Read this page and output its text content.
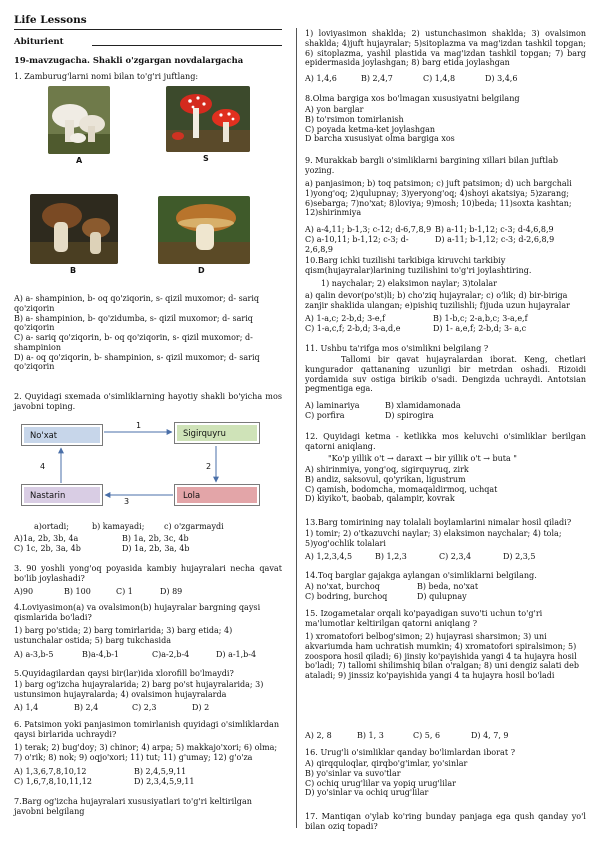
Life Lessons
Abiturient
19-mavzugacha. Shakli o'zgargan novdalargacha
1. Zamburug'larni nomi bilan to'g'ri juftlang:
A	S
B	D
A) a- shampinion, b- oq qo'ziqorin, s- qizil muxomor; d- sariq qo'ziqorin
B) a- shampinion, b- qo'zidumba, s- qizil muxomor; d- sariq qo'ziqorin
C) a- sariq qo'ziqorin, b- oq qo'ziqorin, s- qizil muxomor; d- shampinion
D) a- oq qo'ziqorin, b- shampinion, s- qizil muxomor; d- sariq qo'ziqorin
2. Quyidagi sxemada o'simliklarning hayotiy shakli bo'yicha mos javobni toping.
No'xat	Sigirquyru
Nastarin	Lola
1
2
3
4
a)ortadi;	b) kamayadi;	c) o'zgarmaydi
A)1a, 2b, 3b, 4a	B) 1a, 2b, 3c, 4b
C) 1c, 2b, 3a, 4b	D) 1a, 2b, 3a, 4b
3. 90 yoshli yong'oq poyasida kambiy hujayralari necha qavat bo'lib joylashadi?
A)90	B) 100	C) 1	D) 89
4.Loviyasimon(a) va ovalsimon(b) hujayralar bargning qaysi qismlarida bo'ladi?
1) barg po'stida; 2) barg tomirlarida; 3) barg etida; 4) ustunchalar ostida; 5) barg tukchasida
A) a-3,b-5	B)a-4,b-1	C)a-2,b-4	D) a-1,b-4
5.Quyidagilardan qaysi bir(lar)ida xlorofill bo'lmaydi?
1) barg og'izcha hujayralarida; 2) barg po'st hujayralarida; 3) ustunsimon hujayralarda; 4) ovalsimon hujayralarda
A) 1,4	B) 2,4	C) 2,3	D) 2
6. Patsimon yoki panjasimon tomirlanish quyidagi o'simliklardan qaysi birlarida uchraydi?
1) terak; 2) bug'doy; 3) chinor; 4) arpa; 5) makkajo'xori; 6) olma; 7) o'rik; 8) nok; 9) oqjo'xori; 11) tut; 11) g'umay; 12) g'o'za
A) 1,3,6,7,8,10,12	B) 2,4,5,9,11
C) 1,6,7,8,10,11,12	D) 2,3,4,5,9,11
7.Barg og'izcha hujayralari xususiyatlari to'g'ri keltirilgan javobni belgilang
1) loviyasimon shaklda; 2) ustunchasimon shaklda; 3) ovalsimon shaklda; 4)juft hujayralar; 5)sitoplazma va mag'izdan tashkil topgan; 6) sitoplazma, yashil plastida va mag'izdan tashkil topgan; 7) barg epidermasida joylashgan; 8) barg etida joylashgan
A) 1,4,6	B) 2,4,7	C) 1,4,8	D) 3,4,6
8.Olma bargiga xos bo'lmagan xususiyatni belgilang
A) yon barglar
B) to'rsimon tomirlanish
C) poyada ketma-ket joylashgan
D barcha xususiyat olma bargiga xos
9. Murakkab bargli o'simliklarni bargining xillari bilan juftlab yozing.
a) panjasimon; b) toq patsimon; c) juft patsimon; d) uch bargchali 1)yong'oq; 2)qulupnay; 3)yeryong'oq; 4)shoyi akatsiya; 5)zarang; 6)sebarga; 7)no'xat; 8)loviya; 9)mosh; 10)beda; 11)soxta kashtan; 12)shirinmiya
A) a-4,11; b-1,3; c-12; d-6,7,8,9 B) a-11; b-1,12; c-3; d-4,6,8,9
C) a-10,11; b-1,12; c-3; d-2,6,8,9
D) a-11; b-1,12; c-3; d-2,6,8,9
10.Barg ichki tuzilishi tarkibiga kiruvchi tarkibiy qism(hujayralar)larining tuzilishini to'g'ri joylashtiring.
1) naychalar; 2) elaksimon naylar; 3)tolalar
a) qalin devor(po'st)li; b) cho'ziq hujayralar; c) o'lik; d) bir-biriga zanjir shaklida ulangan; e)pishiq tuzilishli; f)juda uzun hujayralar
A) 1-a,c; 2-b,d; 3-e,f	B) 1-b,c; 2-a,b,c; 3-a,e,f
C) 1-a,c,f; 2-b,d; 3-a,d,e	D) 1- a,e,f; 2-b,d; 3- a,c
11. Ushbu ta'rifga mos o'simlikni belgilang ?
Tallomi bir qavat hujayralardan iborat. Keng, chetlari kungurador qattananing uzunligi bir metrdan oshadi. Rizoidi yordamida suv ostiga birikib o'sadi. Dengizda uchraydi. Antotsian pegmentiga ega.
A) laminariya	B) xlamidamonada
C) porfira	D) spirogira
12. Quyidagi ketma - ketlikka mos keluvchi o'simliklar berilgan qatorni aniqlang.
"Ko'p yillik o't → daraxt → bir yillik o't → buta "
A) shirinmiya, yong'oq, sigirquyruq, zirk
B) andiz, saksovul, qo'yrikan, ligustrum
C) qamish, bodomcha, momaqaldirmoq, uchqat
D) kiyiko't, baobab, qalampir, kovrak
13.Barg tomirining nay tolalali boylamlarini nimalar hosil qiladi?
1) tomir; 2) o'tkazuvchi naylar; 3) elaksimon naychalar; 4) tola; 5)yog'ochlik tolalari
A) 1,2,3,4,5	B) 1,2,3	C) 2,3,4	D) 2,3,5
14.Toq barglar gajakga aylangan o'simliklarni belgilang.
A) no'xat, burchoq	B) beda, no'xat
C) bodring, burchoq	D) qulupnay
15. Izogametalar orqali ko'payadigan suvo'ti uchun to'g'ri ma'lumotlar keltirilgan qatorni aniqlang ?
1) xromatofori belbog'simon; 2) hujayrasi sharsimon; 3) uni akvariumda ham uchratish mumkin; 4) xromatofori spiralsimon; 5) zoospora hosil qiladi; 6) jinsiy ko'payishida yangi 4 ta hujayra hosil bo'ladi; 7) tallomi shilimshiq bilan o'ralgan; 8) uni dengiz salati deb ataladi; 9) jinssiz ko'payishida yangi 4 ta hujayra hosil bo'ladi
A) 2, 8	B) 1, 3	C) 5, 6	D) 4, 7, 9
16. Urug'li o'simliklar qanday bo'limlardan iborat ?
A) qirqquloqlar, qirqbo'g'imlar, yo'sinlar
B) yo'sinlar va suvo'tlar
C) ochiq urug'lilar va yopiq urug'lilar
D) yo'sinlar va ochiq urug'lilar
17. Mantiqan o'ylab ko'ring bunday panjaga ega qush qanday yo'l bilan oziq topadi?
